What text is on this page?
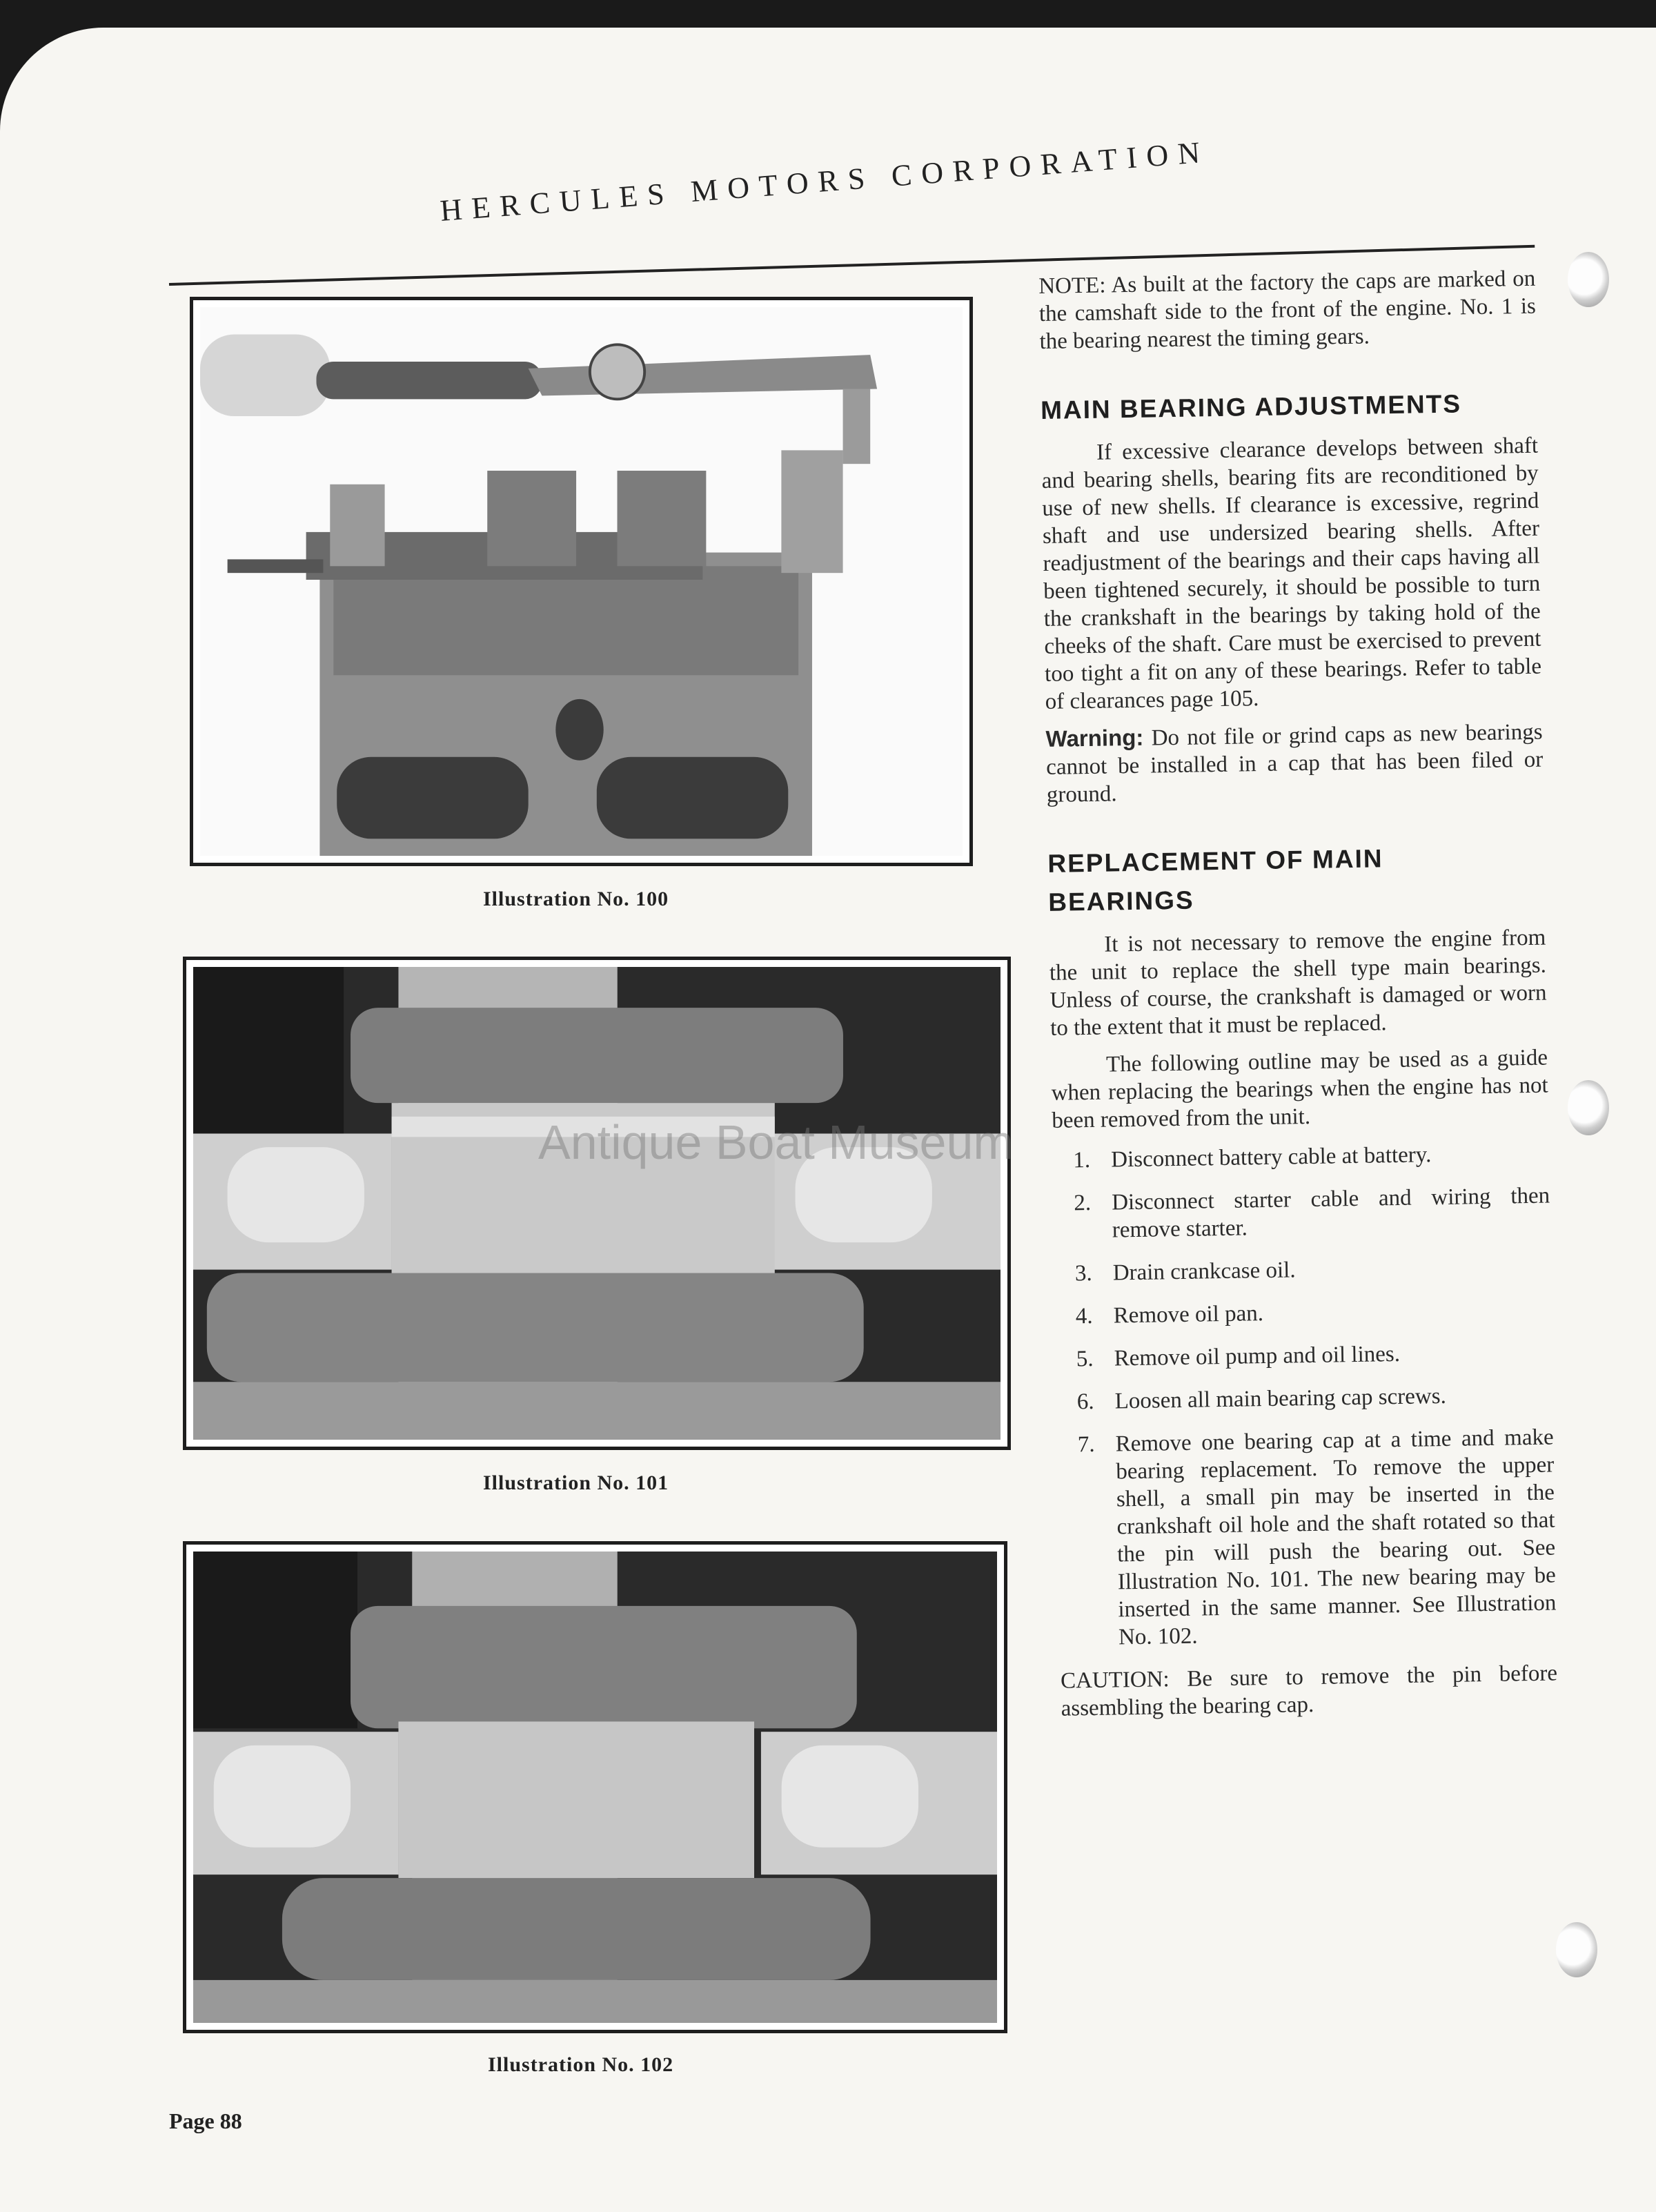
HERCULES MOTORS CORPORATION
Illustration No. 100
Illustration No. 101
Illustration No. 102

NOTE: As built at the factory the caps are marked on the camshaft side to the front of the engine. No. 1 is the bearing nearest the timing gears.

MAIN BEARING ADJUSTMENTS

If excessive clearance develops between shaft and bearing shells, bearing fits are reconditioned by use of new shells. If clearance is excessive, regrind shaft and use undersized bearing shells. After readjustment of the bearings and their caps having all been tightened securely, it should be possible to turn the crankshaft in the bearings by taking hold of the cheeks of the shaft. Care must be exercised to prevent too tight a fit on any of these bearings. Refer to table of clearances page 105.

Warning: Do not file or grind caps as new bearings cannot be installed in a cap that has been filed or ground.

REPLACEMENT OF MAIN
BEARINGS

It is not necessary to remove the engine from the unit to replace the shell type main bearings. Unless of course, the crankshaft is damaged or worn to the extent that it must be replaced.

The following outline may be used as a guide when replacing the bearings when the engine has not been removed from the unit.

1. Disconnect battery cable at battery.
2. Disconnect starter cable and wiring then remove starter.
3. Drain crankcase oil.
4. Remove oil pan.
5. Remove oil pump and oil lines.
6. Loosen all main bearing cap screws.
7. Remove one bearing cap at a time and make bearing replacement. To remove the upper shell, a small pin may be inserted in the crankshaft oil hole and the shaft rotated so that the pin will push the bearing out. See Illustration No. 101. The new bearing may be inserted in the same manner. See Illustration No. 102.

CAUTION: Be sure to remove the pin before assembling the bearing cap.

Antique Boat Museum
Page 88
